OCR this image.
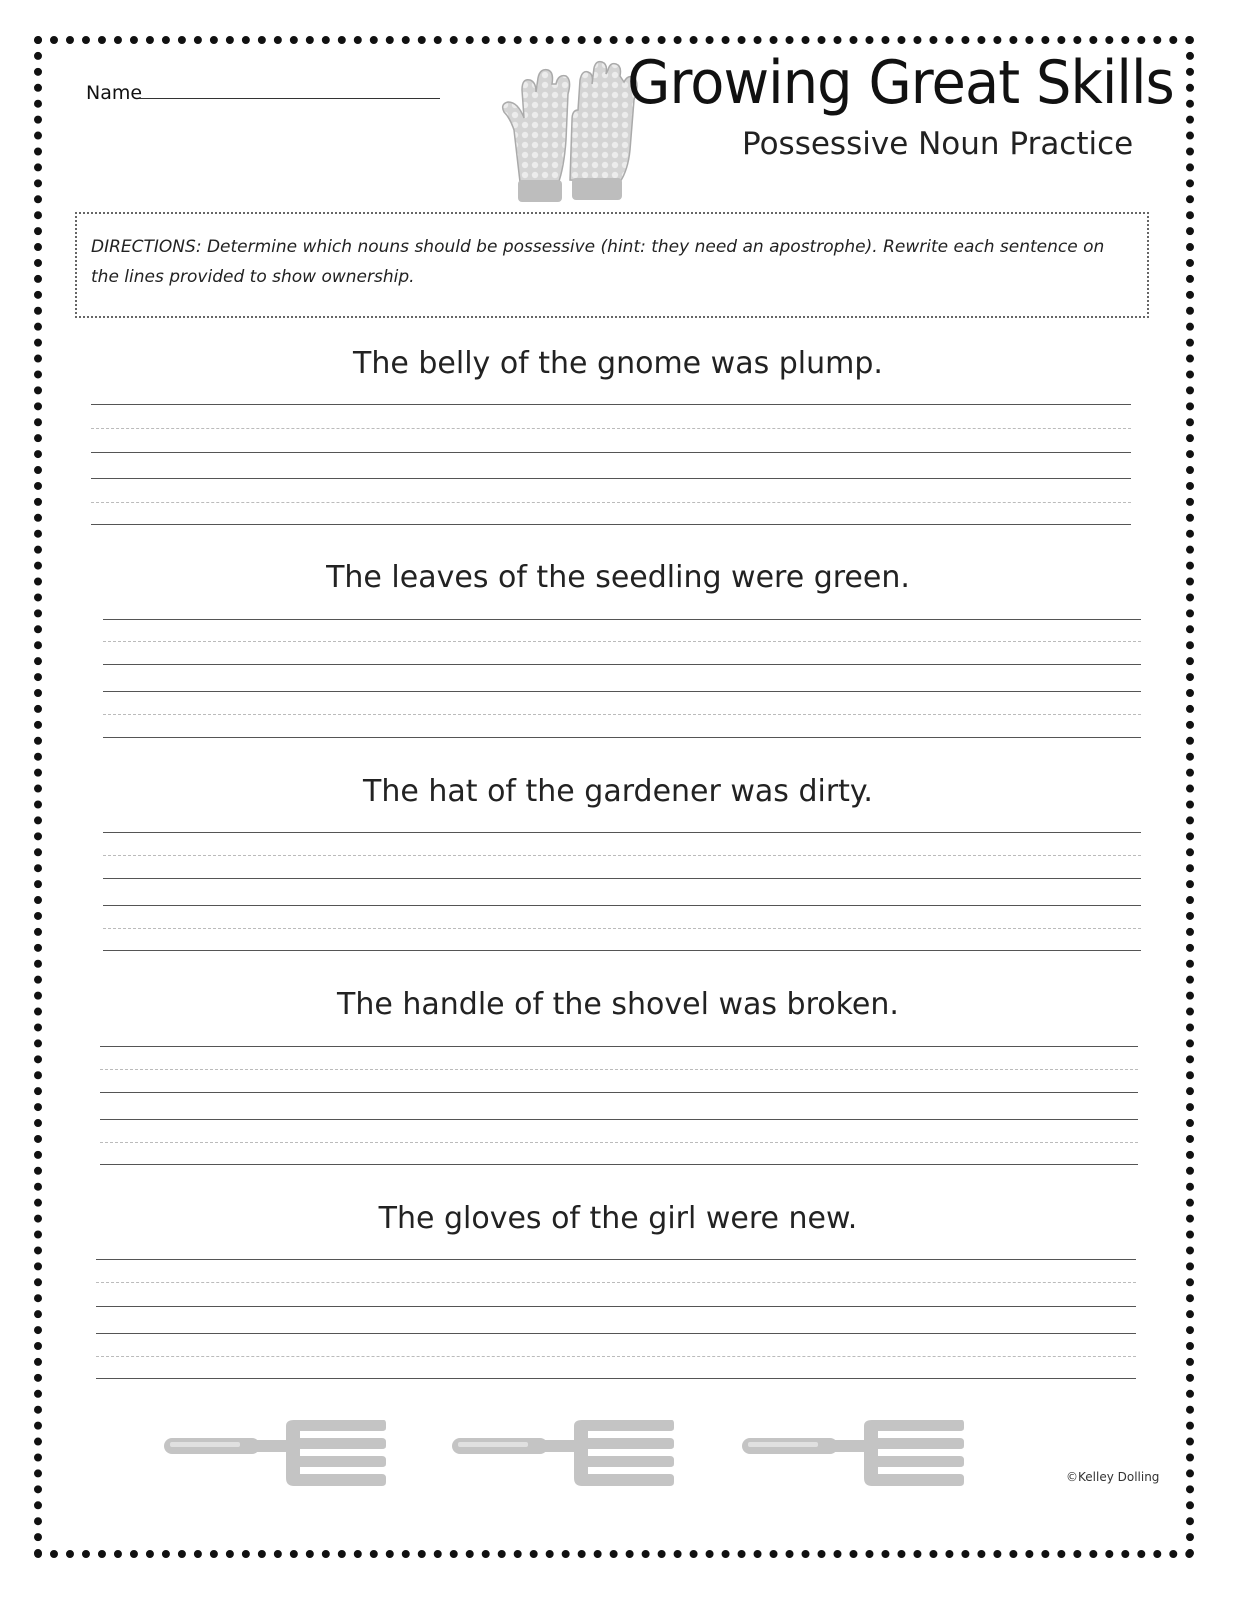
Name	Growing Great Skills
Possessive Noun Practice
DIRECTIONS: Determine which nouns should be possessive (hint: they need an apostrophe). Rewrite each sentence on the lines provided to show ownership.
The belly of the gnome was plump.
The leaves of the seedling were green.
The hat of the gardener was dirty.
The handle of the shovel was broken.
The gloves of the girl were new.
©Kelley Dolling
